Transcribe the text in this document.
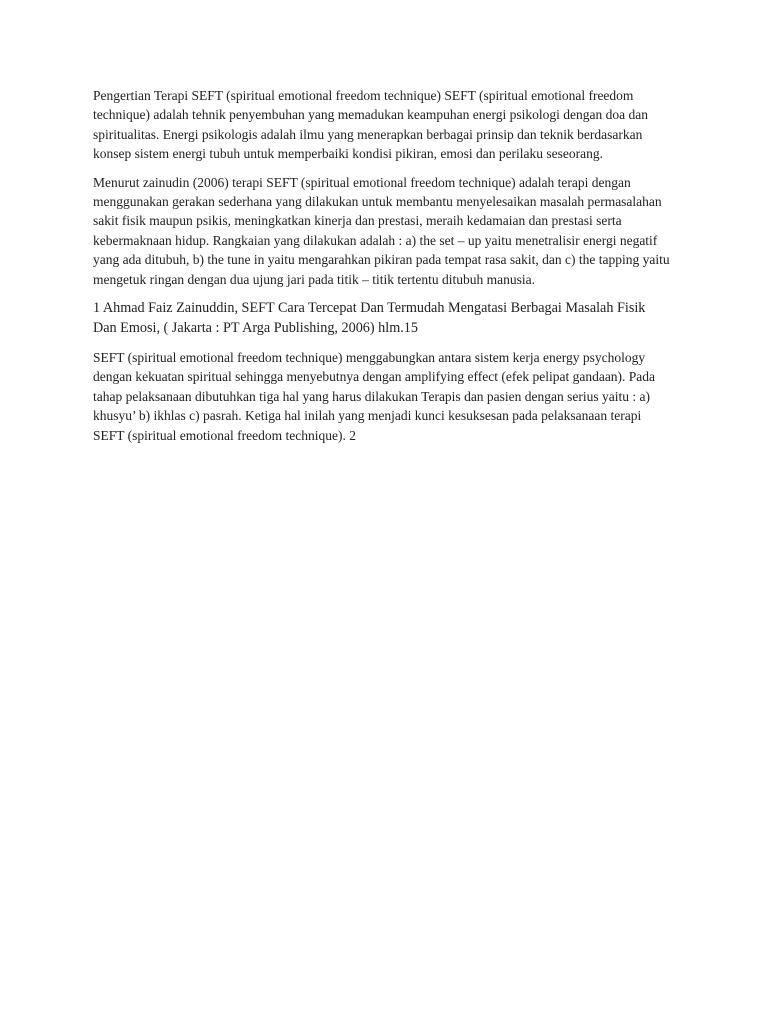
Pengertian Terapi SEFT (spiritual emotional freedom technique) SEFT (spiritual emotional freedom technique) adalah tehnik penyembuhan yang memadukan keampuhan energi psikologi dengan doa dan spiritualitas. Energi psikologis adalah ilmu yang menerapkan berbagai prinsip dan teknik berdasarkan konsep sistem energi tubuh untuk memperbaiki kondisi pikiran, emosi dan perilaku seseorang.

Menurut zainudin (2006) terapi SEFT (spiritual emotional freedom technique) adalah terapi dengan menggunakan gerakan sederhana yang dilakukan untuk membantu menyelesaikan masalah permasalahan sakit fisik maupun psikis, meningkatkan kinerja dan prestasi, meraih kedamaian dan prestasi serta kebermaknaan hidup. Rangkaian yang dilakukan adalah : a) the set – up yaitu menetralisir energi negatif yang ada ditubuh, b) the tune in yaitu mengarahkan pikiran pada tempat rasa sakit, dan c) the tapping yaitu mengetuk ringan dengan dua ujung jari pada titik – titik tertentu ditubuh manusia.

1 Ahmad Faiz Zainuddin, SEFT Cara Tercepat Dan Termudah Mengatasi Berbagai Masalah Fisik Dan Emosi, ( Jakarta : PT Arga Publishing, 2006) hlm.15

SEFT (spiritual emotional freedom technique) menggabungkan antara sistem kerja energy psychology dengan kekuatan spiritual sehingga menyebutnya dengan amplifying effect (efek pelipat gandaan). Pada tahap pelaksanaan dibutuhkan tiga hal yang harus dilakukan Terapis dan pasien dengan serius yaitu : a) khusyu’ b) ikhlas c) pasrah. Ketiga hal inilah yang menjadi kunci kesuksesan pada pelaksanaan terapi SEFT (spiritual emotional freedom technique). 2
